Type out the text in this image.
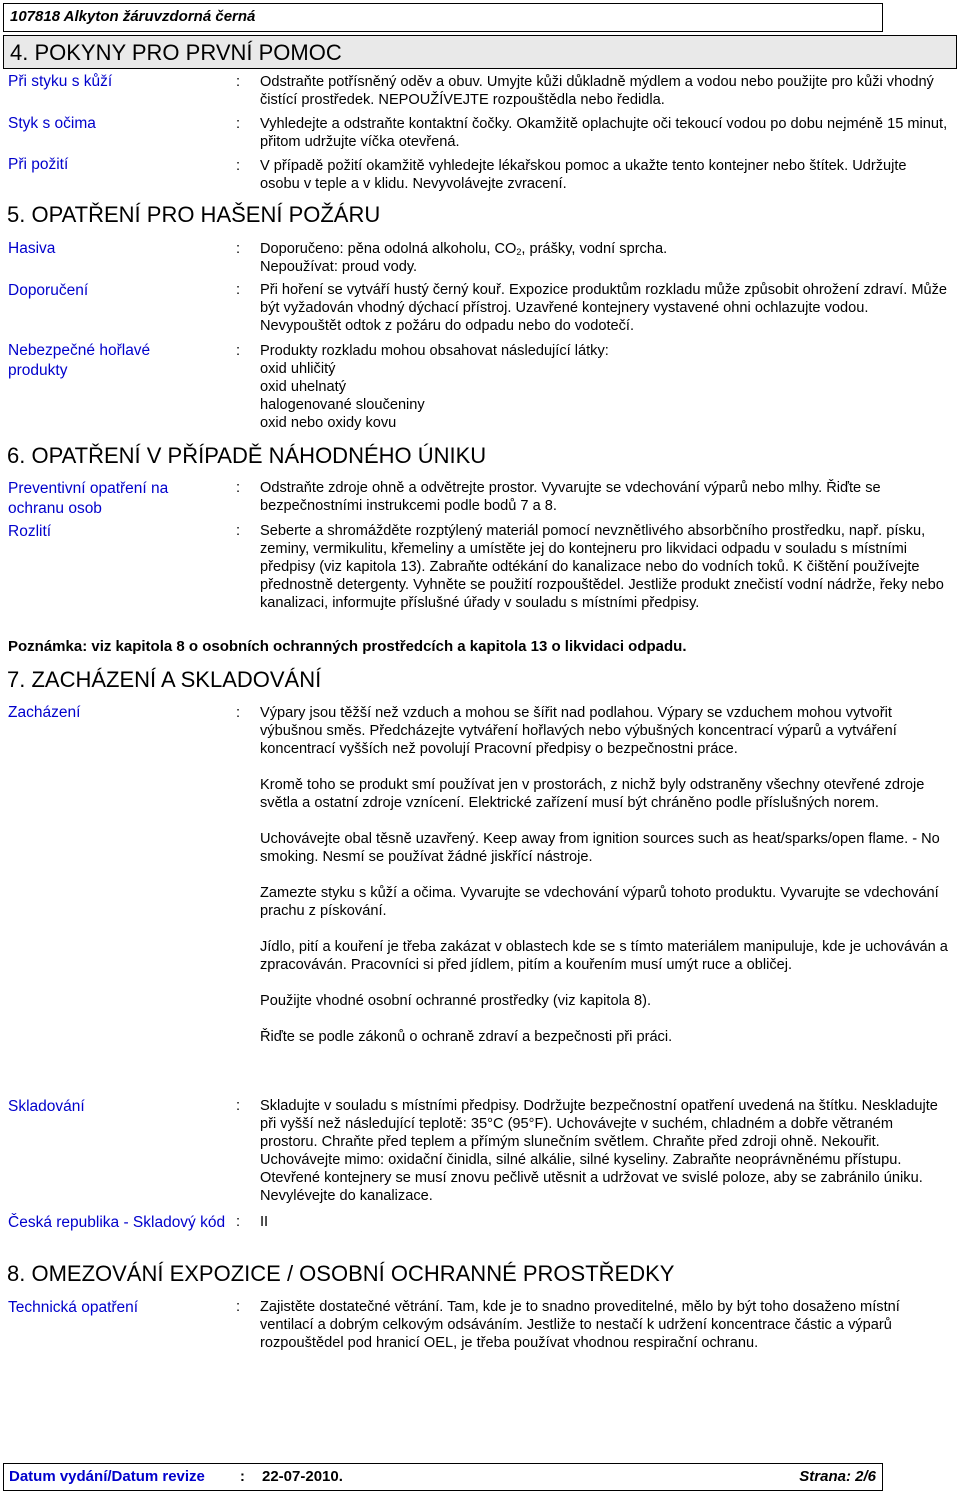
107818 Alkyton žáruvzdorná černá
4. POKYNY PRO PRVNÍ POMOC
Při styku s kůží	:	Odstraňte potřísněný oděv a obuv. Umyjte kůži důkladně mýdlem a vodou nebo použijte pro kůži vhodný čistící prostředek. NEPOUŽÍVEJTE rozpouštědla nebo ředidla.
Styk s očima	:	Vyhledejte a odstraňte kontaktní čočky. Okamžitě oplachujte oči tekoucí vodou po dobu nejméně 15 minut, přitom udržujte víčka otevřená.
Při požití	:	V případě požití okamžitě vyhledejte lékařskou pomoc a ukažte tento kontejner nebo štítek. Udržujte osobu v teple a v klidu. Nevyvolávejte zvracení.
5. OPATŘENÍ PRO HAŠENÍ POŽÁRU
Hasiva	:	Doporučeno: pěna odolná alkoholu, $CO_2$, prášky, vodní sprcha.
Nepoužívat: proud vody.
Doporučení	:	Při hoření se vytváří hustý černý kouř. Expozice produktům rozkladu může způsobit ohrožení zdraví. Může být vyžadován vhodný dýchací přístroj. Uzavřené kontejnery vystavené ohni ochlazujte vodou. Nevypouštět odtok z požáru do odpadu nebo do vodotečí.
Nebezpečné hořlavé produkty
:	Produkty rozkladu mohou obsahovat následující látky:
oxid uhličitý
oxid uhelnatý
halogenované sloučeniny
oxid nebo oxidy kovu
6. OPATŘENÍ V PŘÍPADĚ NÁHODNÉHO ÚNIKU
Preventivní opatření na ochranu osob
:	Odstraňte zdroje ohně a odvětrejte prostor. Vyvarujte se vdechování výparů nebo mlhy. Řiďte se bezpečnostními instrukcemi podle bodů 7 a 8.
Rozlití	:	Seberte a shromážděte rozptýlený materiál pomocí nevznětlivého absorbčního prostředku, např. písku, zeminy, vermikulitu, křemeliny a umístěte jej do kontejneru pro likvidaci odpadu v souladu s místními předpisy (viz kapitola 13). Zabraňte odtékání do kanalizace nebo do vodních toků. K čištění používejte přednostně detergenty. Vyhněte se použití rozpouštědel. Jestliže produkt znečistí vodní nádrže, řeky nebo kanalizaci, informujte příslušné úřady v souladu s místními předpisy.
Poznámka: viz kapitola 8 o osobních ochranných prostředcích a kapitola 13 o likvidaci odpadu.
7. ZACHÁZENÍ A SKLADOVÁNÍ
Zacházení	:	Výpary jsou těžší než vzduch a mohou se šířit nad podlahou. Výpary se vzduchem mohou vytvořit výbušnou směs. Předcházejte vytváření hořlavých nebo výbušných koncentrací výparů a vytváření koncentrací vyšších než povolují Pracovní předpisy o bezpečnostni práce.
Kromě toho se produkt smí používat jen v prostorách, z nichž byly odstraněny všechny otevřené zdroje světla a ostatní zdroje vznícení. Elektrické zařízení musí být chráněno podle příslušných norem.
Uchovávejte obal těsně uzavřený. Keep away from ignition sources such as heat/sparks/open flame. - No smoking. Nesmí se používat žádné jiskřící nástroje.
Zamezte styku s kůží a očima. Vyvarujte se vdechování výparů tohoto produktu. Vyvarujte se vdechování prachu z pískování.
Jídlo, pití a kouření je třeba zakázat v oblastech kde se s tímto materiálem manipuluje, kde je uchováván a zpracováván. Pracovníci si před jídlem, pitím a kouřením musí umýt ruce a obličej.
Použijte vhodné osobní ochranné prostředky (viz kapitola 8).
Řiďte se podle zákonů o ochraně zdraví a bezpečnosti při práci.
Skladování	:	Skladujte v souladu s místními předpisy. Dodržujte bezpečnostní opatření uvedená na štítku. Neskladujte při vyšší než následující teplotě: 35°C (95°F). Uchovávejte v suchém, chladném a dobře větraném prostoru. Chraňte před teplem a přímým slunečním světlem. Chraňte před zdroji ohně. Nekouřit. Uchovávejte mimo: oxidační činidla, silné alkálie, silné kyseliny. Zabraňte neoprávněnému přístupu. Otevřené kontejnery se musí znovu pečlivě utěsnit a udržovat ve svislé poloze, aby se zabránilo úniku. Nevylévejte do kanalizace.
Česká republika - Skladový kód :	II
8. OMEZOVÁNÍ EXPOZICE / OSOBNÍ OCHRANNÉ PROSTŘEDKY
Technická opatření	:	Zajistěte dostatečné větrání. Tam, kde je to snadno proveditelné, mělo by být toho dosaženo místní ventilací a dobrým celkovým odsáváním. Jestliže to nestačí k udržení koncentrace částic a výparů rozpouštědel pod hranicí OEL, je třeba používat vhodnou respirační ochranu.
Datum vydání/Datum revize : 22-07-2010.	Strana: 2/6
